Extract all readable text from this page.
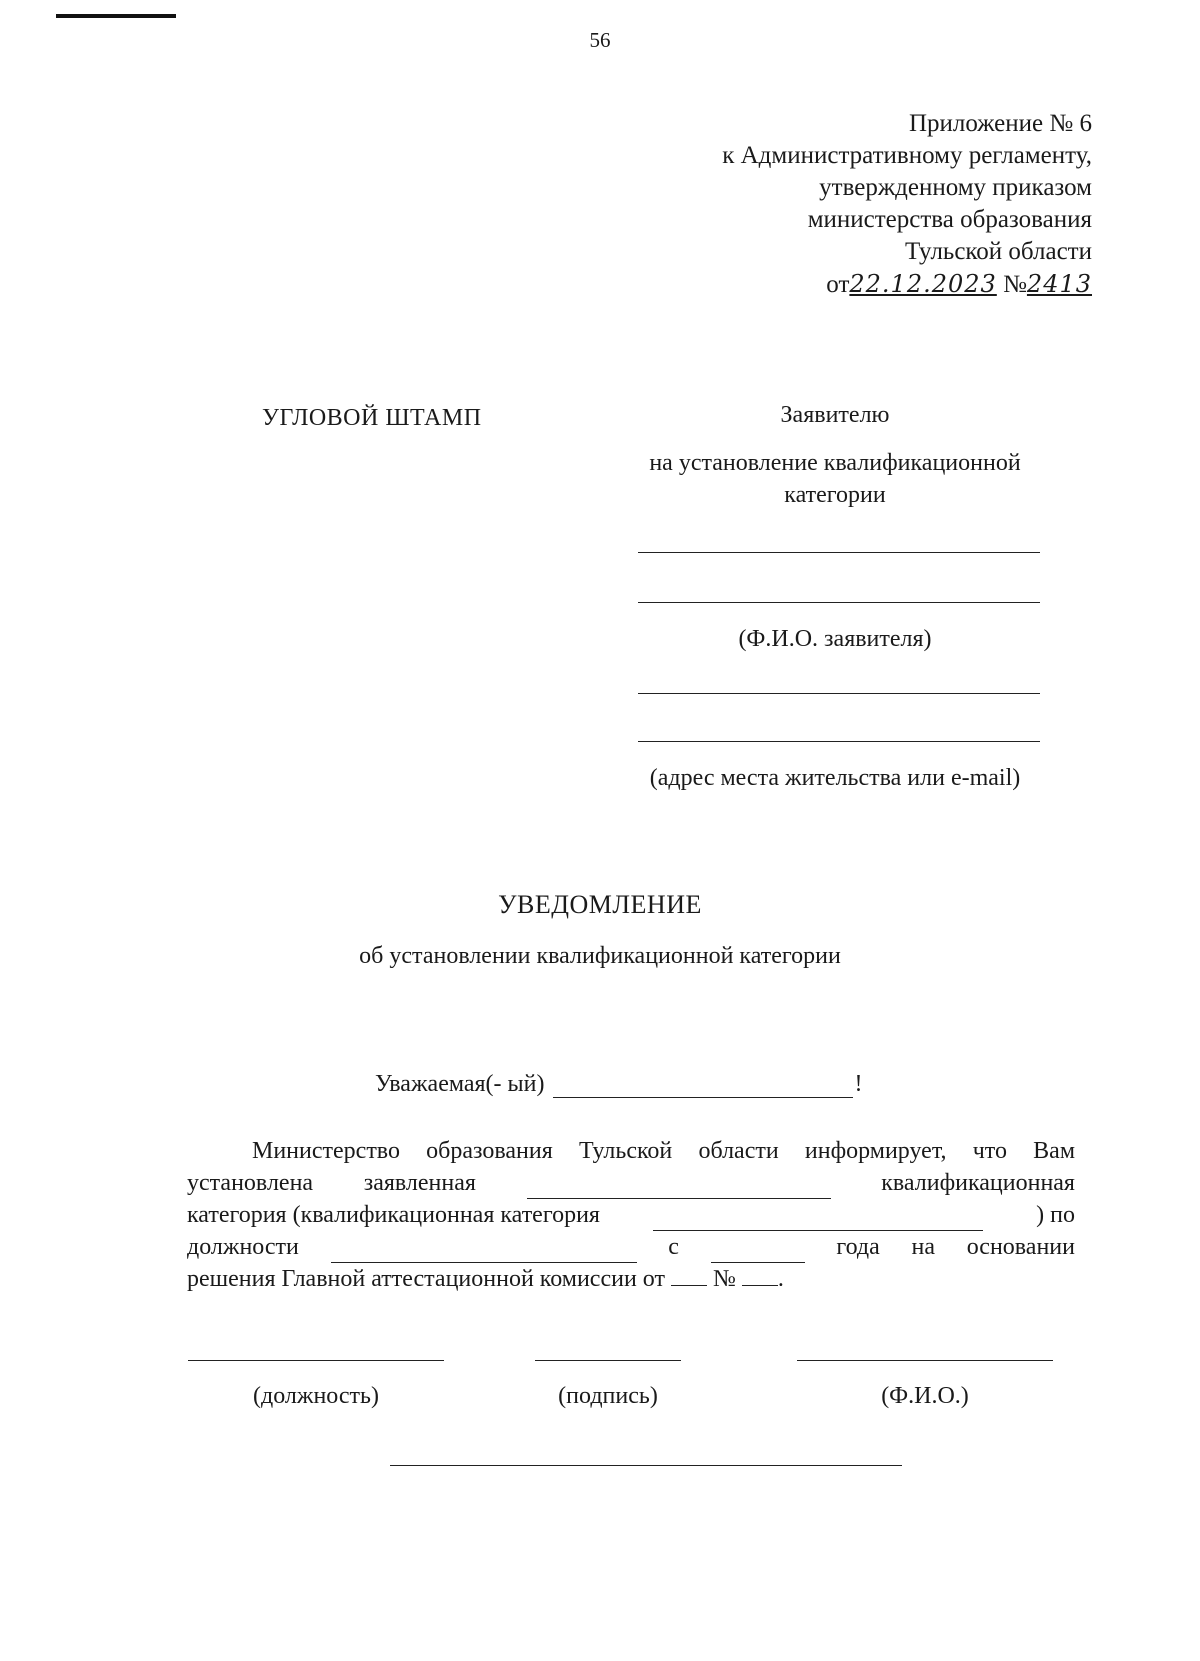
56
Приложение № 6
к Административному регламенту,
утвержденному приказом
министерства образования
Тульской области
от22.12.2023 №2413
УГЛОВОЙ ШТАМП	Заявителю
на установление квалификационной
категории
(Ф.И.О. заявителя)
(адрес места жительства или e-mail)
УВЕДОМЛЕНИЕ
об установлении квалификационной категории
Уважаемая(- ый)	!
Министерство образования Тульской области информирует, что Вам
установлена заявленная	квалификационная
категория (квалификационная категория	) по
должности	с	года на основании
решения Главной аттестационной комиссии от № .
(должность)	(подпись)	(Ф.И.О.)
